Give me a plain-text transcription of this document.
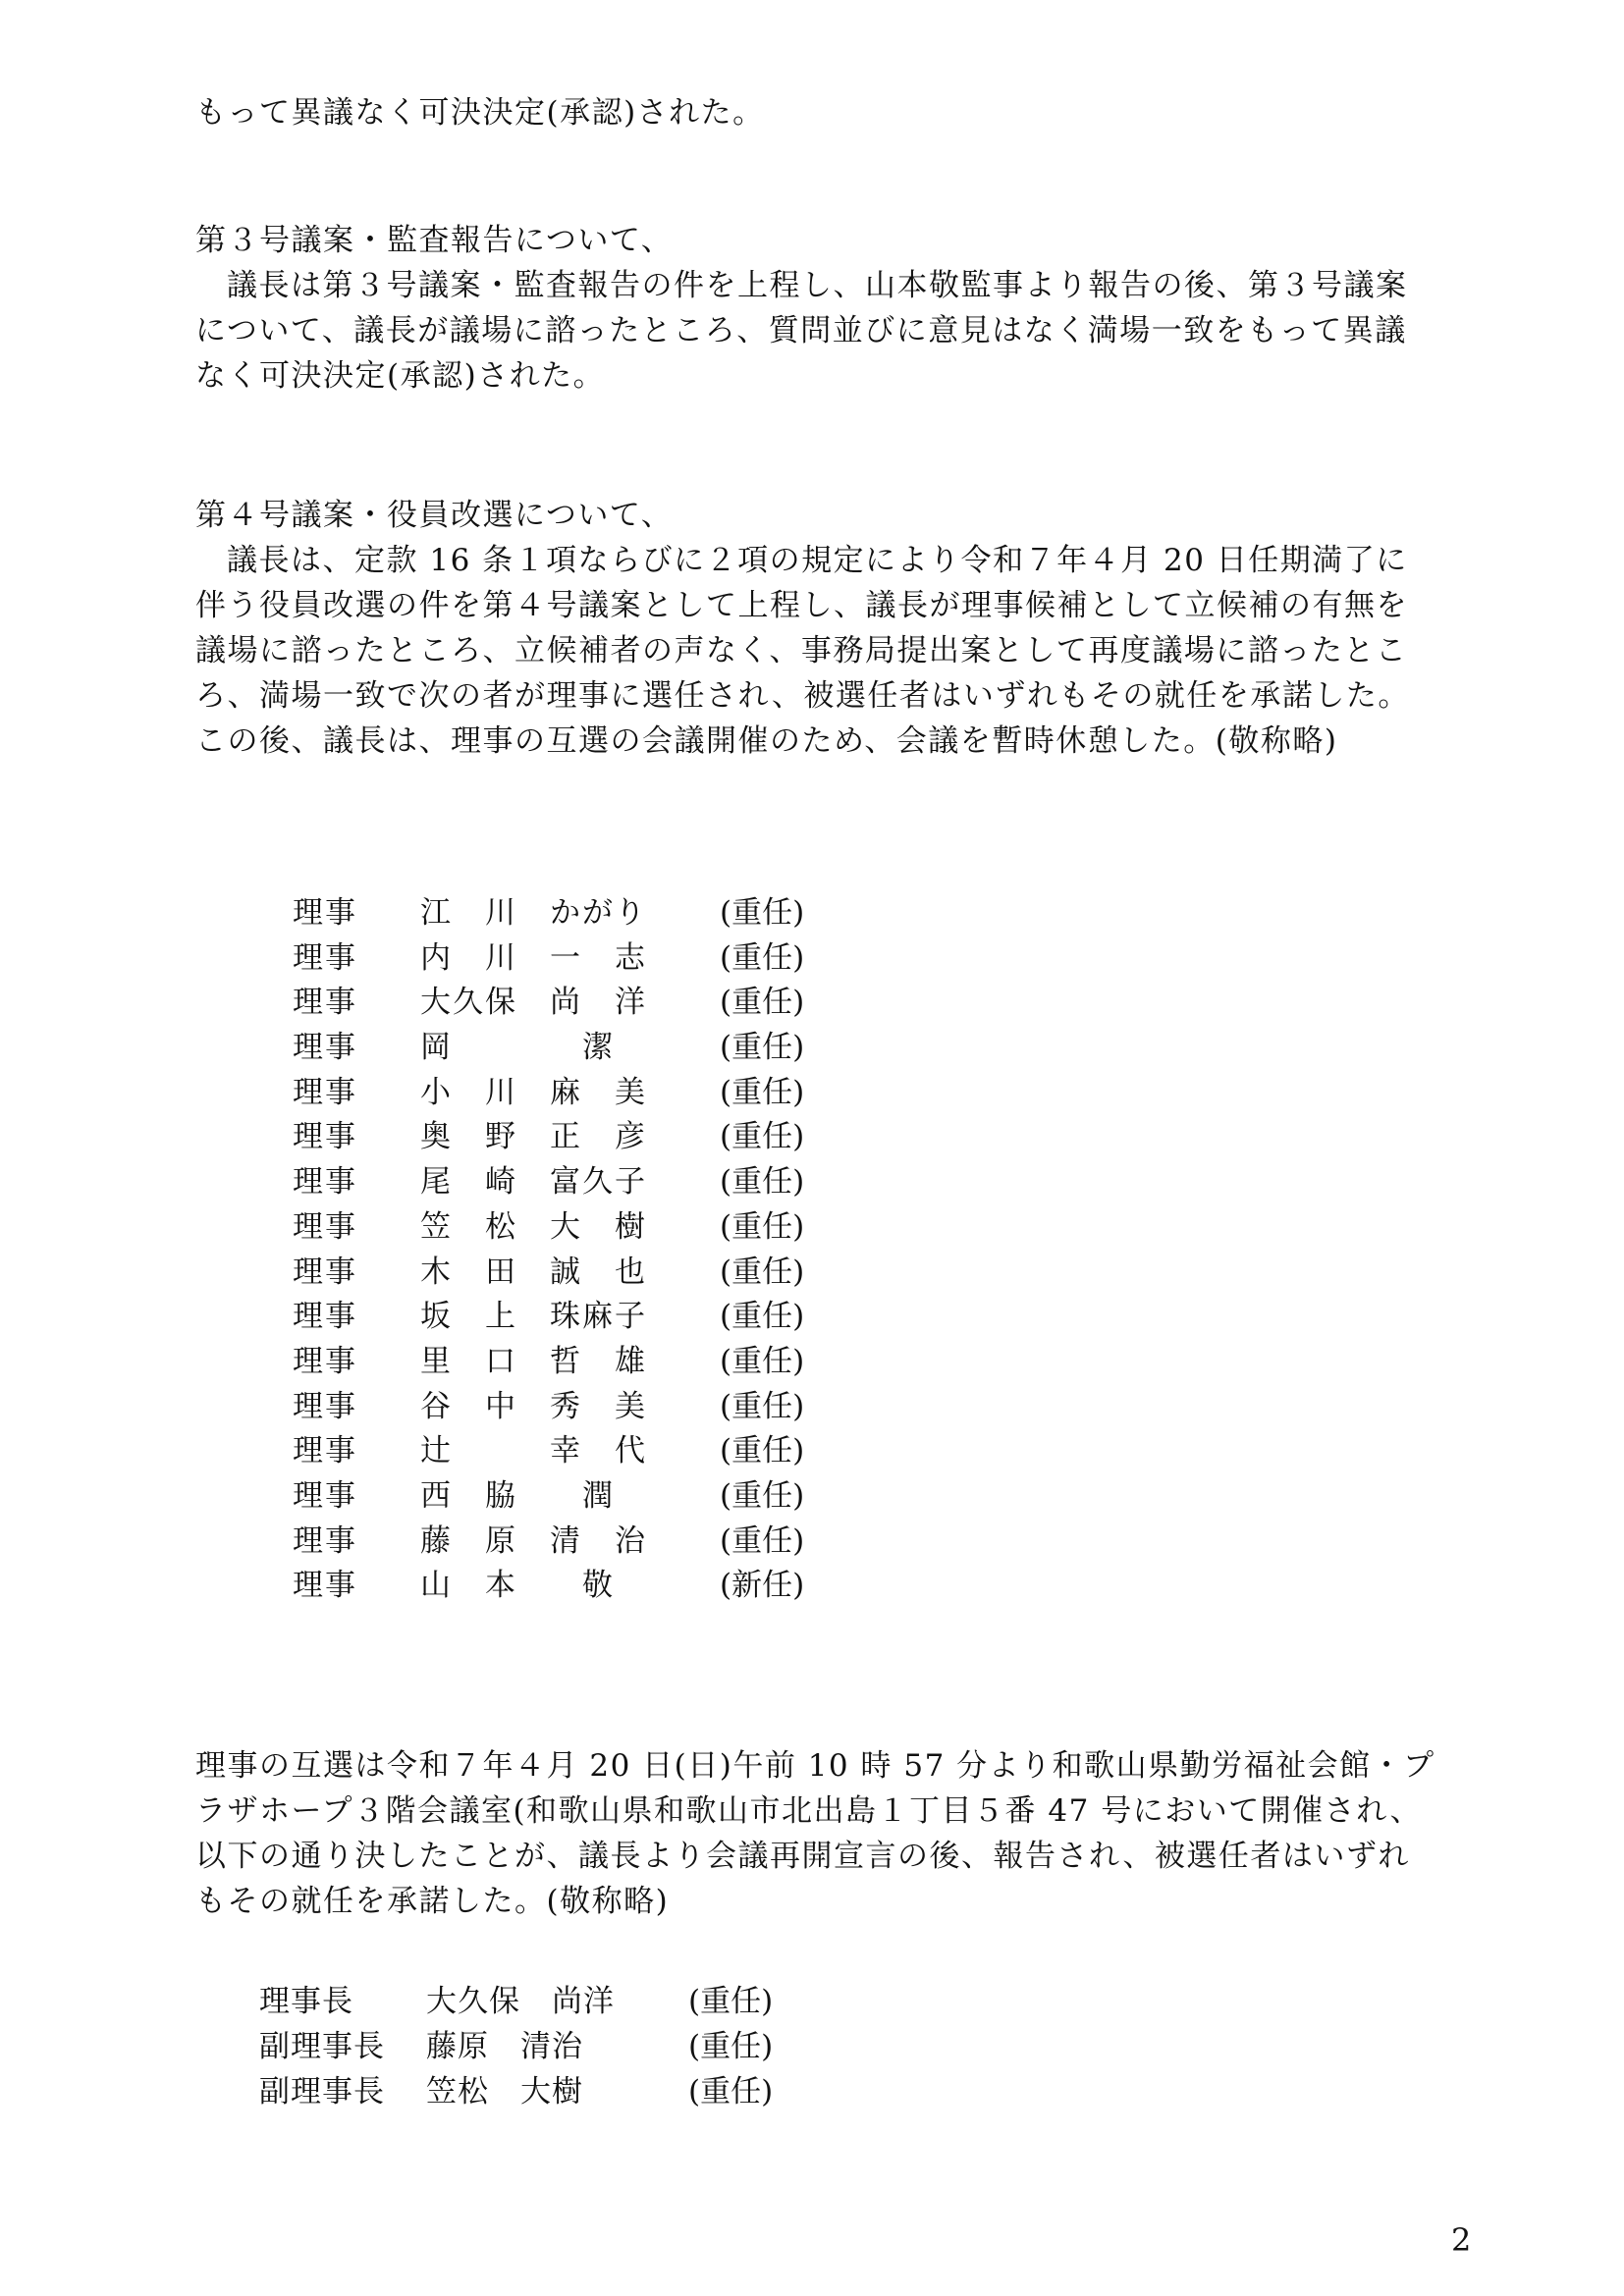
もって異議なく可決決定(承認)された。

第３号議案・監査報告について、
議長は第３号議案・監査報告の件を上程し、山本敬監事より報告の後、第３号議案
について、議長が議場に諮ったところ、質問並びに意見はなく満場一致をもって異議
なく可決決定(承認)された。

第４号議案・役員改選について、
議長は、定款 16 条１項ならびに２項の規定により令和７年４月 20 日任期満了に
伴う役員改選の件を第４号議案として上程し、議長が理事候補として立候補の有無を
議場に諮ったところ、立候補者の声なく、事務局提出案として再度議場に諮ったとこ
ろ、満場一致で次の者が理事に選任され、被選任者はいずれもその就任を承諾した。
この後、議長は、理事の互選の会議開催のため、会議を暫時休憩した。(敬称略)

理事	江　川　かがり (重任)
理事	内　川　一　志 (重任)
理事	大久保　尚　洋 (重任)
理事	岡　　　　潔	(重任)
理事	小　川　麻　美 (重任)
理事	奥　野　正　彦 (重任)
理事	尾　崎　富久子 (重任)
理事	笠　松　大　樹 (重任)
理事	木　田　誠　也 (重任)
理事	坂　上　珠麻子 (重任)
理事	里　口　哲　雄 (重任)
理事	谷　中　秀　美 (重任)
理事	辻　　　幸　代 (重任)
理事	西　脇　　潤	(重任)
理事	藤　原　清　治 (重任)
理事	山　本　　敬	(新任)

理事の互選は令和７年４月 20 日(日)午前 10 時 57 分より和歌山県勤労福祉会館・プ
ラザホープ３階会議室(和歌山県和歌山市北出島１丁目５番 47 号において開催され、
以下の通り決したことが、議長より会議再開宣言の後、報告され、被選任者はいずれ
もその就任を承諾した。(敬称略)

理事長	大久保　尚洋	(重任)
副理事長	藤原　清治	(重任)
副理事長	笠松　大樹	(重任)
2
